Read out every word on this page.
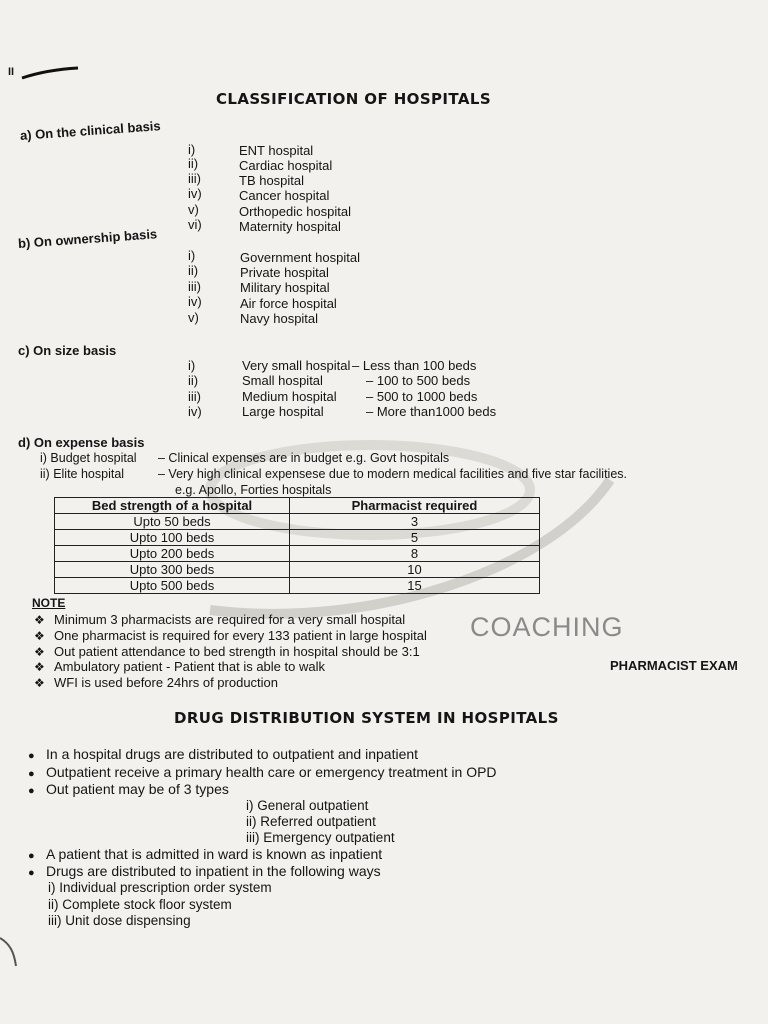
II
CLASSIFICATION OF HOSPITALS
a) On the clinical basis
i)	ENT hospital
ii)	Cardiac hospital
iii)	TB hospital
iv)	Cancer hospital
v)	Orthopedic hospital
vi)	Maternity hospital
b) On ownership basis
i)	Government hospital
ii)	Private hospital
iii)	Military hospital
iv)	Air force hospital
v)	Navy hospital
c) On size basis
i)	Very small hospital – Less than 100 beds
ii)	Small hospital	– 100 to 500 beds
iii)	Medium hospital – 500 to 1000 beds
iv)	Large hospital	– More than1000 beds
d) On expense basis
i) Budget hospital – Clinical expenses are in budget e.g. Govt hospitals
ii) Elite hospital	– Very high clinical expensese due to modern medical facilities and five star facilities.
e.g. Apollo, Forties hospitals
Bed strength of a hospital	Pharmacist required
Upto 50 beds	3
Upto 100 beds	5
Upto 200 beds	8
Upto 300 beds	10
Upto 500 beds	15
COACHING
NOTE
❖ Minimum 3 pharmacists are required for a very small hospital
❖ One pharmacist is required for every 133 patient in large hospital
❖ Out patient attendance to bed strength in hospital should be 3:1
❖ Ambulatory patient - Patient that is able to walk
❖ WFI is used before 24hrs of production
PHARMACIST EXAM
DRUG DISTRIBUTION SYSTEM IN HOSPITALS
● In a hospital drugs are distributed to outpatient and inpatient
● Outpatient receive a primary health care or emergency treatment in OPD
● Out patient may be of 3 types
i) General outpatient
ii) Referred outpatient
iii) Emergency outpatient
● A patient that is admitted in ward is known as inpatient
● Drugs are distributed to inpatient in the following ways
i) Individual prescription order system
ii) Complete stock floor system
iii) Unit dose dispensing
